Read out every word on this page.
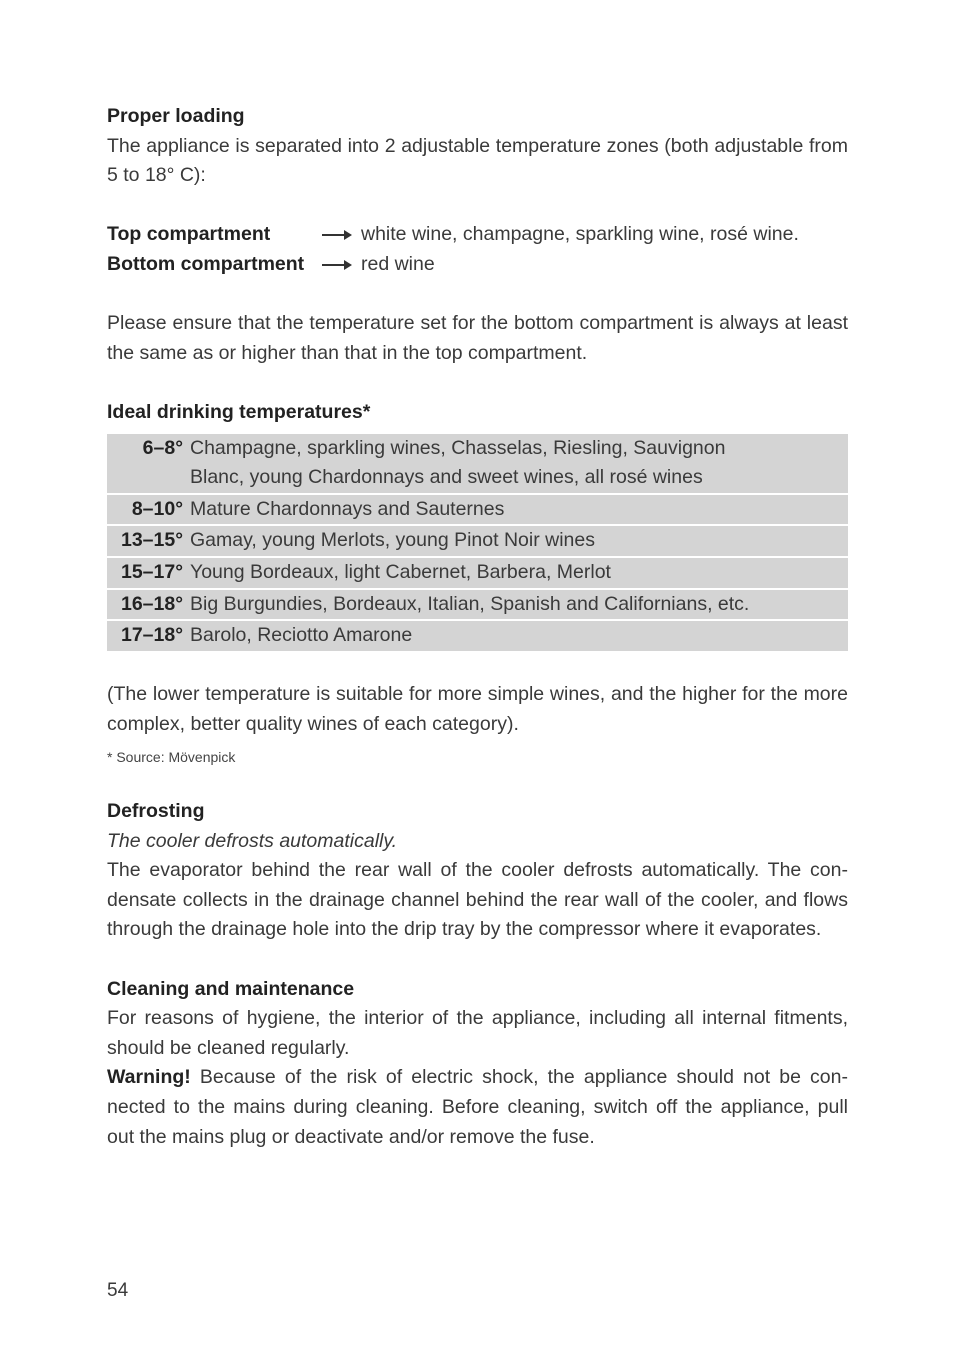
Proper loading

The appliance is separated into 2 adjustable temperature zones (both adjustable from 5 to 18° C):

Top compartment	white wine, champagne, sparkling wine, rosé wine.
Bottom compartment	red wine

Please ensure that the temperature set for the bottom compartment is always at least the same as or higher than that in the top compartment.

Ideal drinking temperatures*

6–8°	Champagne, sparkling wines, Chasselas, Riesling, Sauvignon Blanc, young Chardonnays and sweet wines, all rosé wines

8–10°	Mature Chardonnays and Sauternes
13–15°	Gamay, young Merlots, young Pinot Noir wines
15–17°	Young Bordeaux, light Cabernet, Barbera, Merlot
16–18°	Big Burgundies, Bordeaux, Italian, Spanish and Californians, etc.
17–18°	Barolo, Reciotto Amarone

(The lower temperature is suitable for more simple wines, and the higher for the more complex, better quality wines of each category).

* Source: Mövenpick

Defrosting

The cooler defrosts automatically.

The evaporator behind the rear wall of the cooler defrosts automatically. The condensate collects in the drainage channel behind the rear wall of the cooler, and flows through the drainage hole into the drip tray by the compressor where it evaporates.

Cleaning and maintenance

For reasons of hygiene, the interior of the appliance, including all internal fitments, should be cleaned regularly.

Warning! Because of the risk of electric shock, the appliance should not be connected to the mains during cleaning. Before cleaning, switch off the appliance, pull out the mains plug or deactivate and/or remove the fuse.

54
